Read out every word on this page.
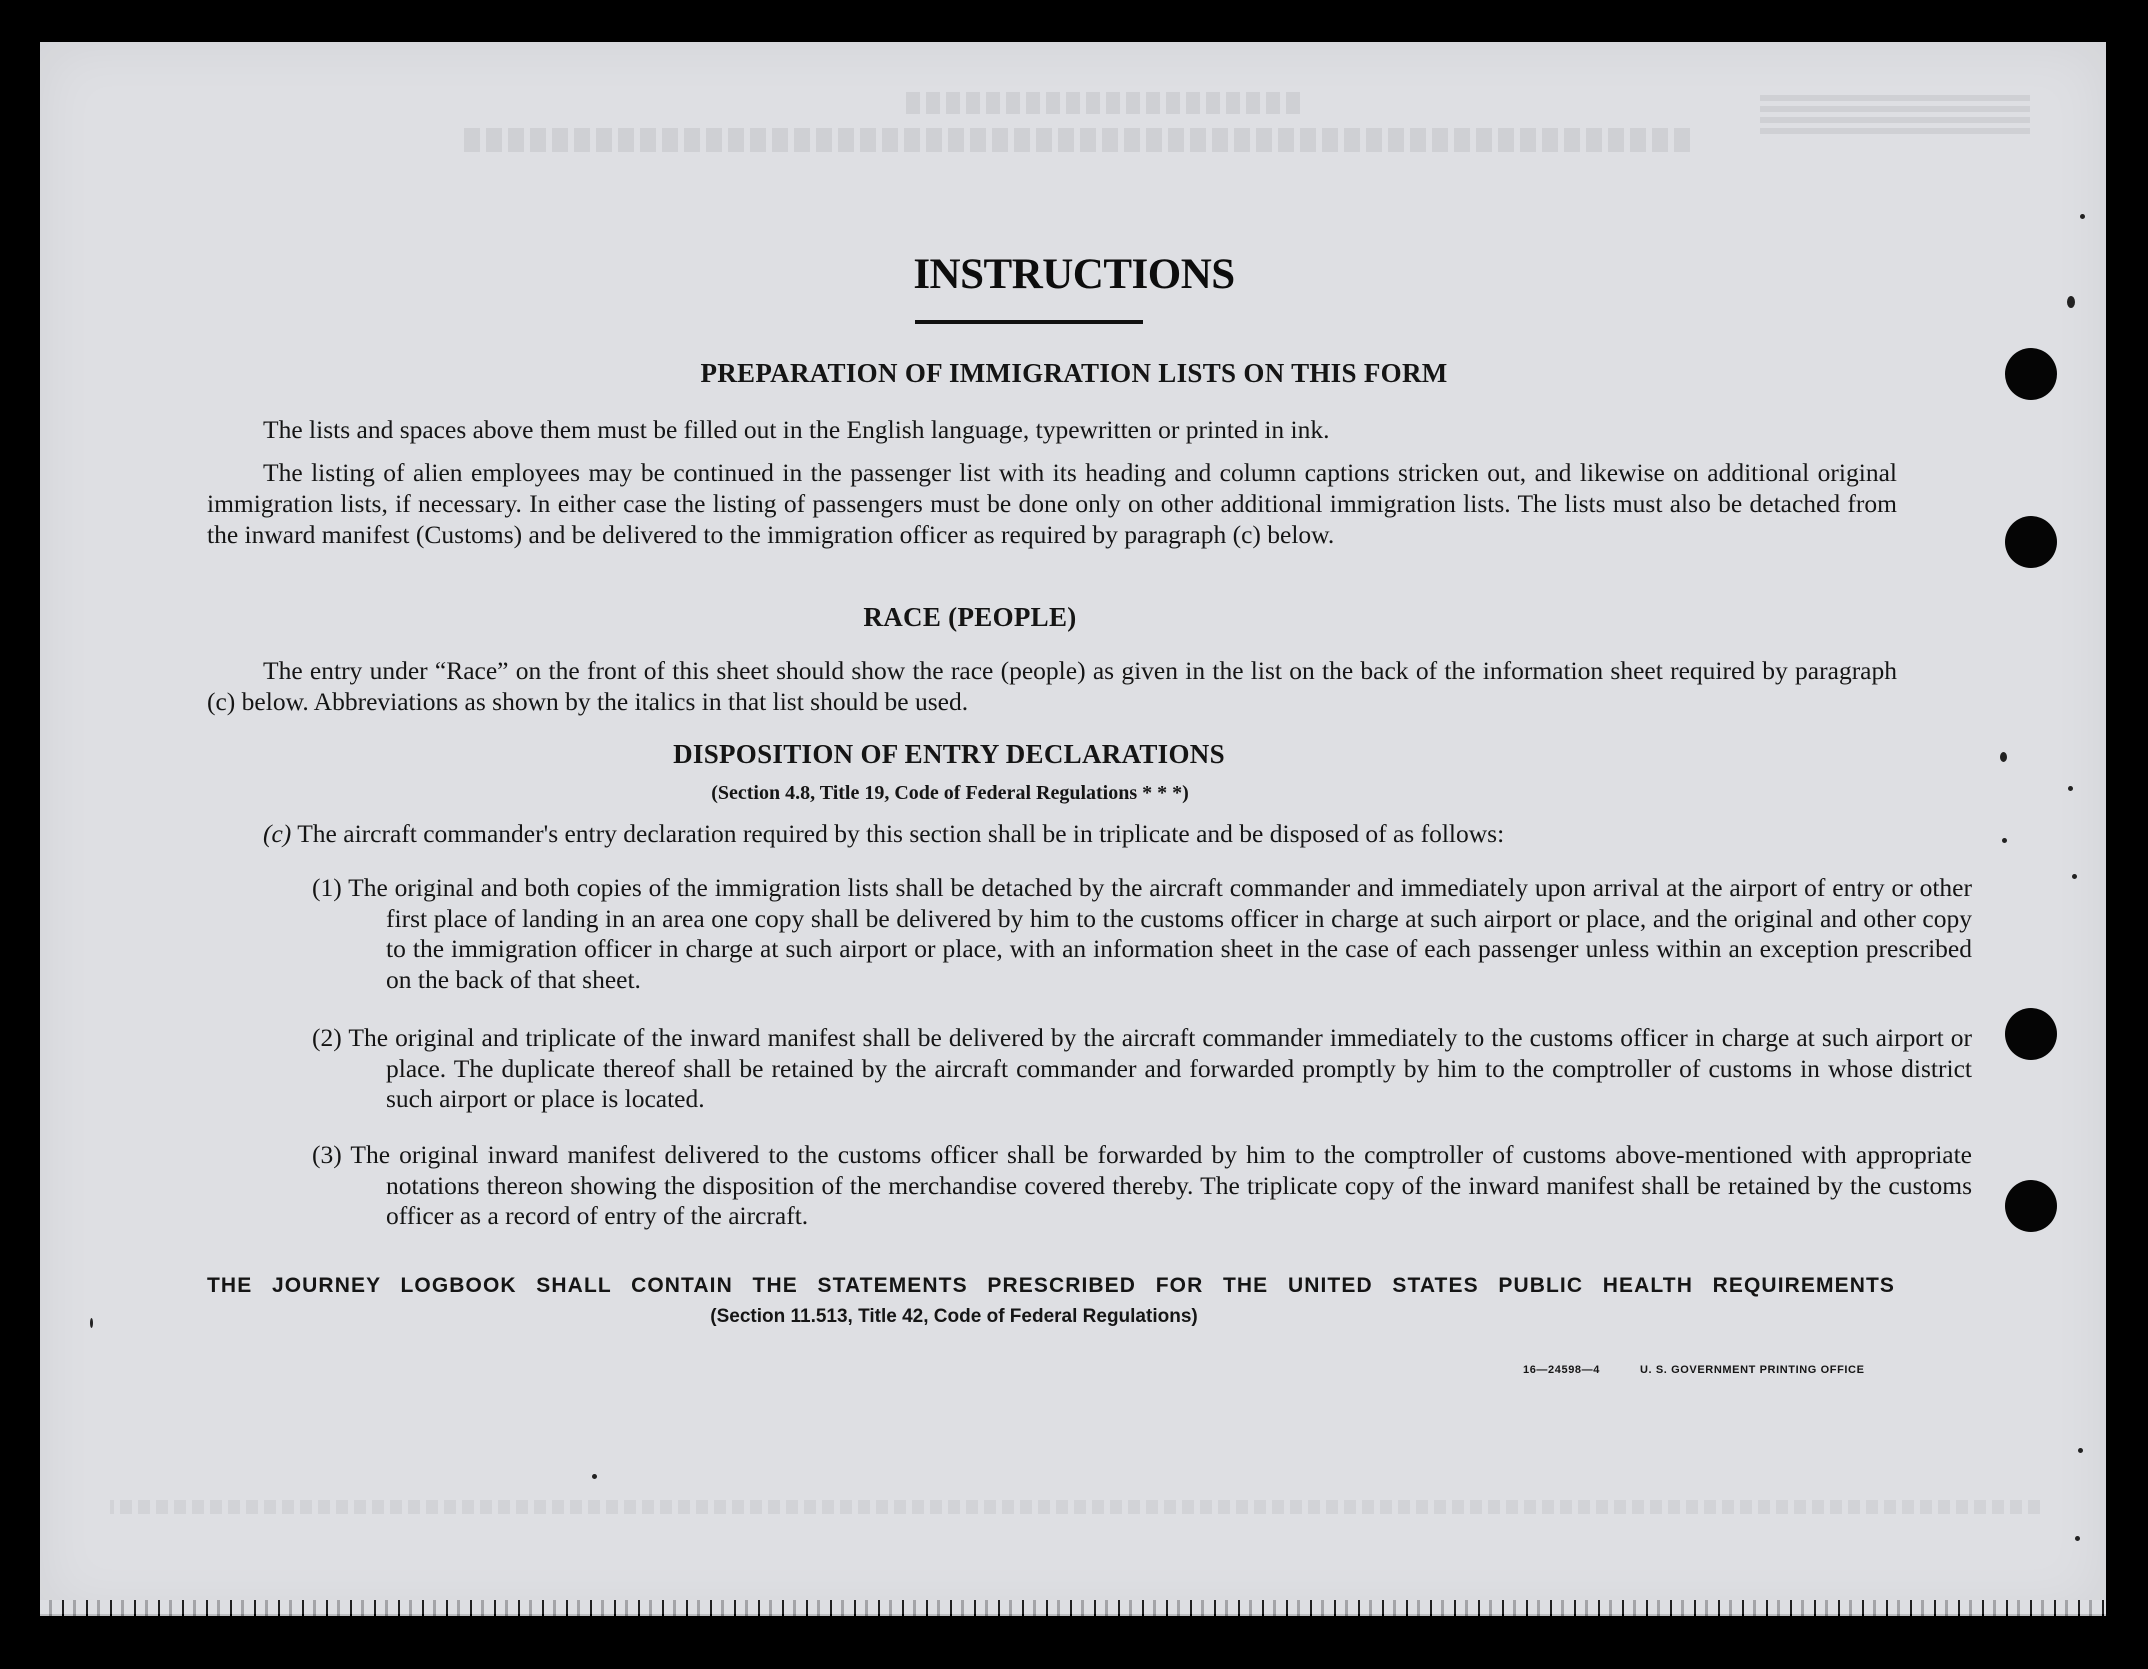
INSTRUCTIONS
PREPARATION OF IMMIGRATION LISTS ON THIS FORM

The lists and spaces above them must be filled out in the English language, typewritten or printed in ink.

The listing of alien employees may be continued in the passenger list with its heading and column captions stricken out, and likewise on additional original immigration lists, if necessary. In either case the listing of passengers must be done only on other additional immigration lists. The lists must also be detached from the inward manifest (Customs) and be delivered to the immigration officer as required by paragraph (c) below.

RACE (PEOPLE)

The entry under “Race” on the front of this sheet should show the race (people) as given in the list on the back of the information sheet required by paragraph (c) below. Abbreviations as shown by the italics in that list should be used.

DISPOSITION OF ENTRY DECLARATIONS
(Section 4.8, Title 19, Code of Federal Regulations * * *)
(c) The aircraft commander's entry declaration required by this section shall be in triplicate and be disposed of as follows:

(1) The original and both copies of the immigration lists shall be detached by the aircraft commander and immediately upon arrival at the airport of entry or other first place of landing in an area one copy shall be delivered by him to the customs officer in charge at such airport or place, and the original and other copy to the immigration officer in charge at such airport or place, with an information sheet in the case of each passenger unless within an exception prescribed on the back of that sheet.

(2) The original and triplicate of the inward manifest shall be delivered by the aircraft commander immediately to the customs officer in charge at such airport or place. The duplicate thereof shall be retained by the aircraft commander and forwarded promptly by him to the comptroller of customs in whose district such airport or place is located.

(3) The original inward manifest delivered to the customs officer shall be forwarded by him to the comptroller of customs above-mentioned with appropriate notations thereon showing the disposition of the merchandise covered thereby. The triplicate copy of the inward manifest shall be retained by the customs officer as a record of entry of the aircraft.

THE JOURNEY LOGBOOK SHALL CONTAIN THE STATEMENTS PRESCRIBED FOR THE UNITED STATES PUBLIC HEALTH REQUIREMENTS
(Section 11.513, Title 42, Code of Federal Regulations)
16—24598—4	U. S. GOVERNMENT PRINTING OFFICE
